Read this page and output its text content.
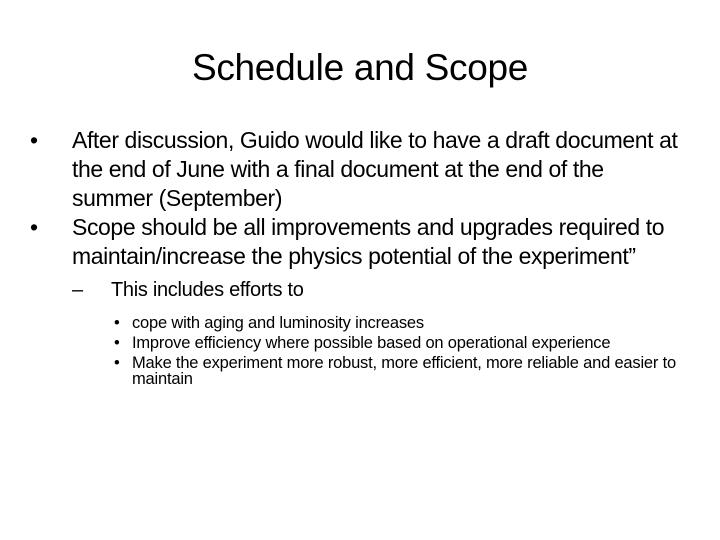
Schedule and Scope
•	After discussion, Guido would like to have a draft document at the end of June with a final document at the end of the summer (September)
•	Scope should be all improvements and upgrades required to maintain/increase the physics potential of the experiment”
–	This includes efforts to
• cope with aging and luminosity increases
• Improve efficiency where possible based on operational experience
• Make the experiment more robust, more efficient, more reliable and easier to maintain
